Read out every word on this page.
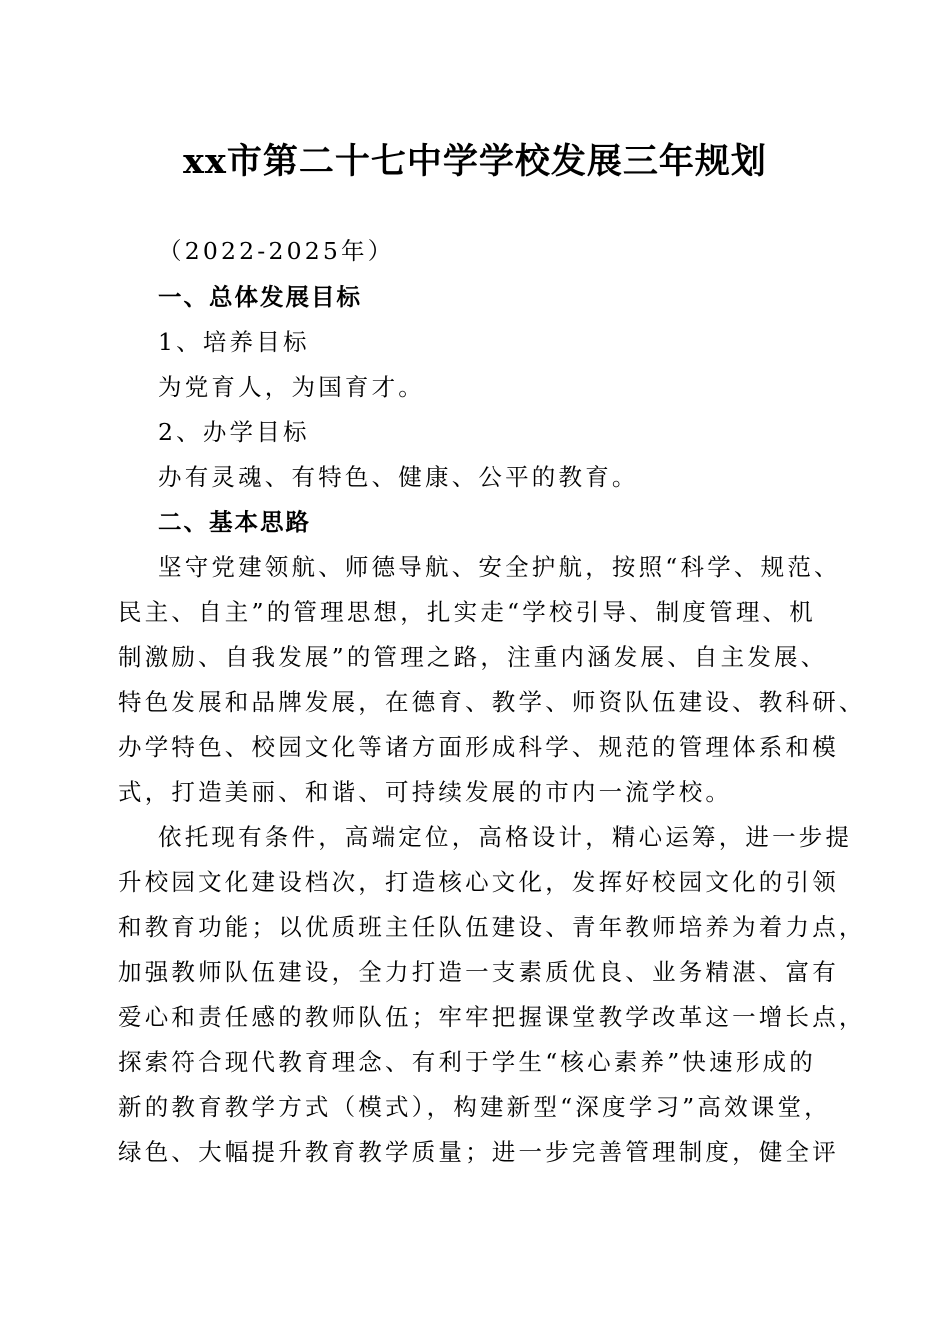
xx市第二十七中学学校发展三年规划

（2022-2025年）

一、总体发展目标

1、培养目标

为党育人，为国育才。

2、办学目标

办有灵魂、有特色、健康、公平的教育。

二、基本思路

坚守党建领航、师德导航、安全护航，按照“科学、规范、

民主、自主”的管理思想，扎实走“学校引导、制度管理、机

制激励、自我发展”的管理之路，注重内涵发展、自主发展、

特色发展和品牌发展，在德育、教学、师资队伍建设、教科研、

办学特色、校园文化等诸方面形成科学、规范的管理体系和模

式，打造美丽、和谐、可持续发展的市内一流学校。

依托现有条件，高端定位，高格设计，精心运筹，进一步提

升校园文化建设档次，打造核心文化，发挥好校园文化的引领

和教育功能；以优质班主任队伍建设、青年教师培养为着力点，

加强教师队伍建设，全力打造一支素质优良、业务精湛、富有

爱心和责任感的教师队伍；牢牢把握课堂教学改革这一增长点，

探索符合现代教育理念、有利于学生“核心素养”快速形成的

新的教育教学方式（模式），构建新型“深度学习”高效课堂，

绿色、大幅提升教育教学质量；进一步完善管理制度，健全评
